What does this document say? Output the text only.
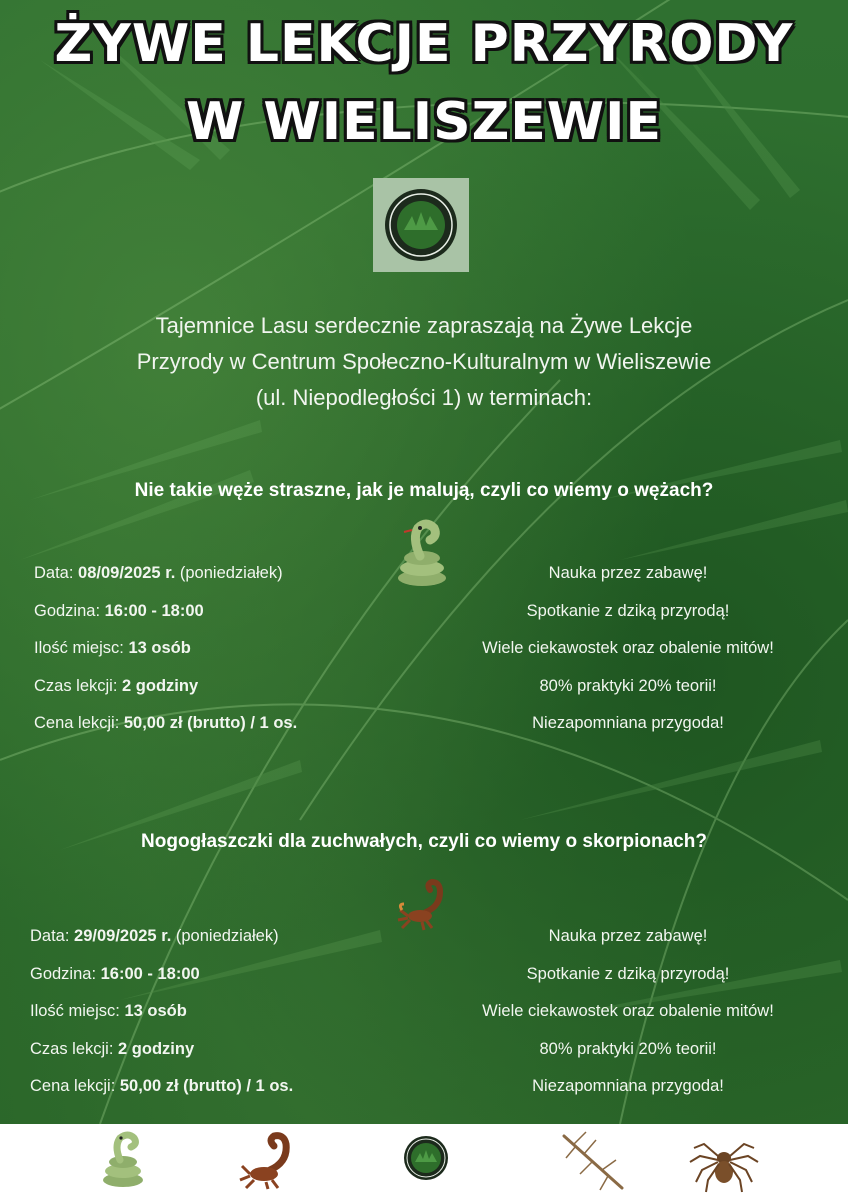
ŻYWE LEKCJE PRZYRODY
W WIELISZEWIE
Tajemnice Lasu serdecznie zapraszają na Żywe Lekcje
Przyrody w Centrum Społeczno-Kulturalnym w Wieliszewie
(ul. Niepodległości 1) w terminach:
Nie takie węże straszne, jak je malują, czyli co wiemy o wężach?
Data: 08/09/2025 r. (poniedziałek)
Godzina: 16:00 - 18:00
Ilość miejsc: 13 osób
Czas lekcji: 2 godziny
Cena lekcji: 50,00 zł (brutto) / 1 os.
Nauka przez zabawę!
Spotkanie z dziką przyrodą!
Wiele ciekawostek oraz obalenie mitów!
80% praktyki 20% teorii!
Niezapomniana przygoda!
Nogogłaszczki dla zuchwałych, czyli co wiemy o skorpionach?
Data: 29/09/2025 r. (poniedziałek)
Godzina: 16:00 - 18:00
Ilość miejsc: 13 osób
Czas lekcji: 2 godziny
Cena lekcji: 50,00 zł (brutto) / 1 os.
Nauka przez zabawę!
Spotkanie z dziką przyrodą!
Wiele ciekawostek oraz obalenie mitów!
80% praktyki 20% teorii!
Niezapomniana przygoda!
